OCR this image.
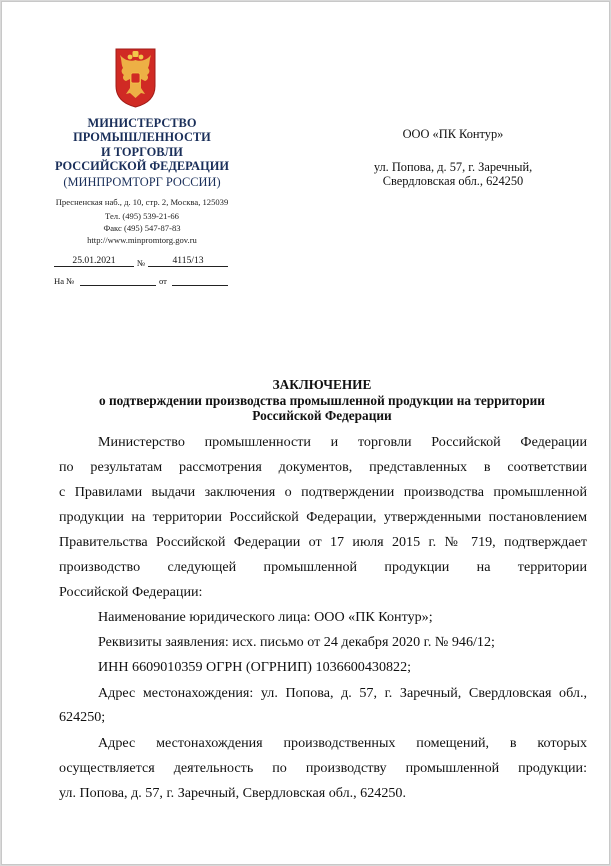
МИНИСТЕРСТВО
ПРОМЫШЛЕННОСТИ
И ТОРГОВЛИ
РОССИЙСКОЙ ФЕДЕРАЦИИ
(МИНПРОМТОРГ РОССИИ)
Пресненская наб., д. 10, стр. 2, Москва, 125039
Тел. (495) 539-21-66
Факс (495) 547-87-83
http://www.minpromtorg.gov.ru
25.01.2021	№	4115/13
На №	от
ООО «ПК Контур»
ул. Попова, д. 57, г. Заречный,
Свердловская обл., 624250
ЗАКЛЮЧЕНИЕ
о подтверждении производства промышленной продукции на территории
Российской Федерации
Министерство промышленности и торговли Российской Федерации
по результатам рассмотрения документов, представленных в соответствии
с Правилами выдачи заключения о подтверждении производства промышленной
продукции на территории Российской Федерации, утвержденными постановлением
Правительства Российской Федерации от 17 июля 2015 г. № 719, подтверждает
производство следующей промышленной продукции на территории
Российской Федерации:
Наименование юридического лица: ООО «ПК Контур»;
Реквизиты заявления: исх. письмо от 24 декабря 2020 г. № 946/12;
ИНН 6609010359 ОГРН (ОГРНИП) 1036600430822;
Адрес местонахождения: ул. Попова, д. 57, г. Заречный, Свердловская обл.,
624250;
Адрес местонахождения производственных помещений, в которых
осуществляется деятельность по производству промышленной продукции:
ул. Попова, д. 57, г. Заречный, Свердловская обл., 624250.
